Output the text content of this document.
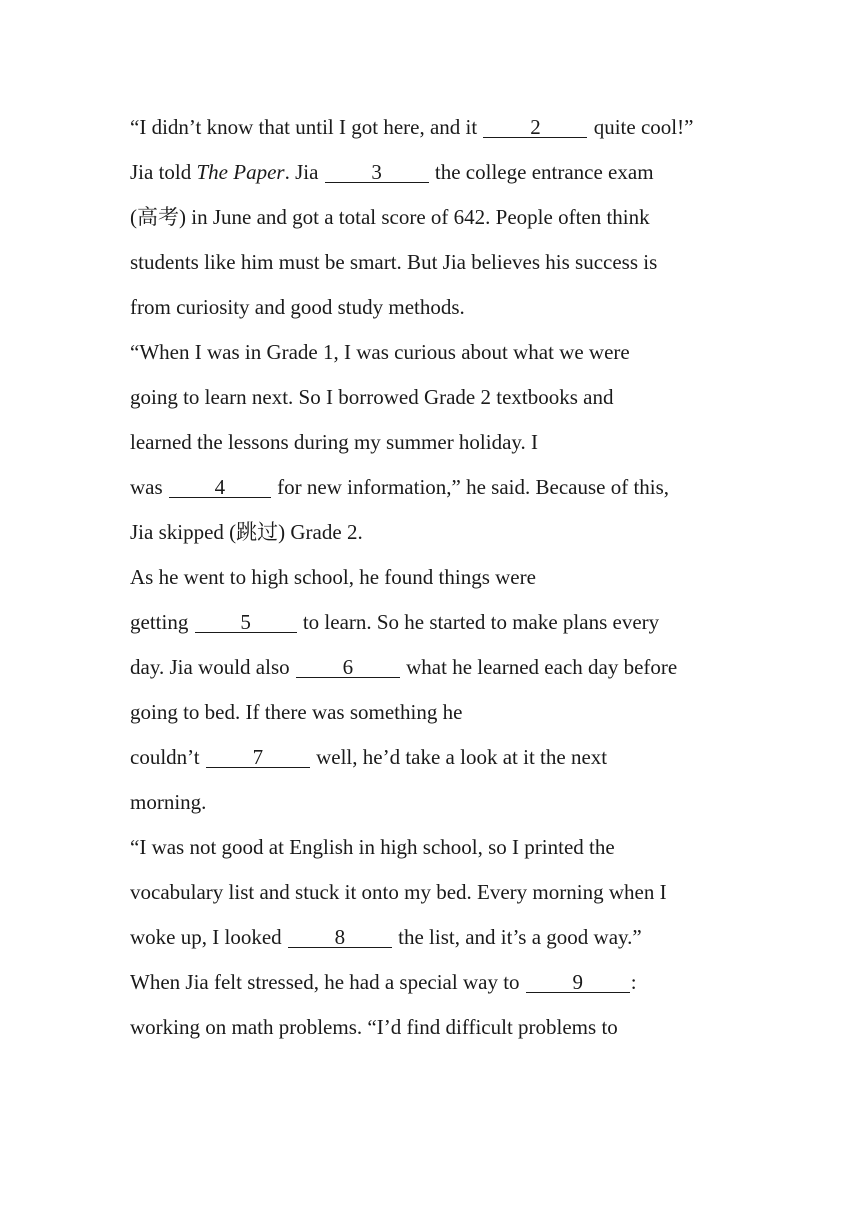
“I didn’t know that until I got here, and it 2 quite cool!”
Jia told The Paper. Jia 3 the college entrance exam
(高考) in June and got a total score of 642. People often think
students like him must be smart. But Jia believes his success is
from curiosity and good study methods.
“When I was in Grade 1, I was curious about what we were
going to learn next. So I borrowed Grade 2 textbooks and
learned the lessons during my summer holiday. I
was 4 for new information,” he said. Because of this,
Jia skipped (跳过) Grade 2.
As he went to high school, he found things were
getting 5 to learn. So he started to make plans every
day. Jia would also 6 what he learned each day before
going to bed. If there was something he
couldn’t 7 well, he’d take a look at it the next
morning.
“I was not good at English in high school, so I printed the
vocabulary list and stuck it onto my bed. Every morning when I
woke up, I looked 8 the list, and it’s a good way.”
When Jia felt stressed, he had a special way to 9 :
working on math problems. “I’d find difficult problems to
